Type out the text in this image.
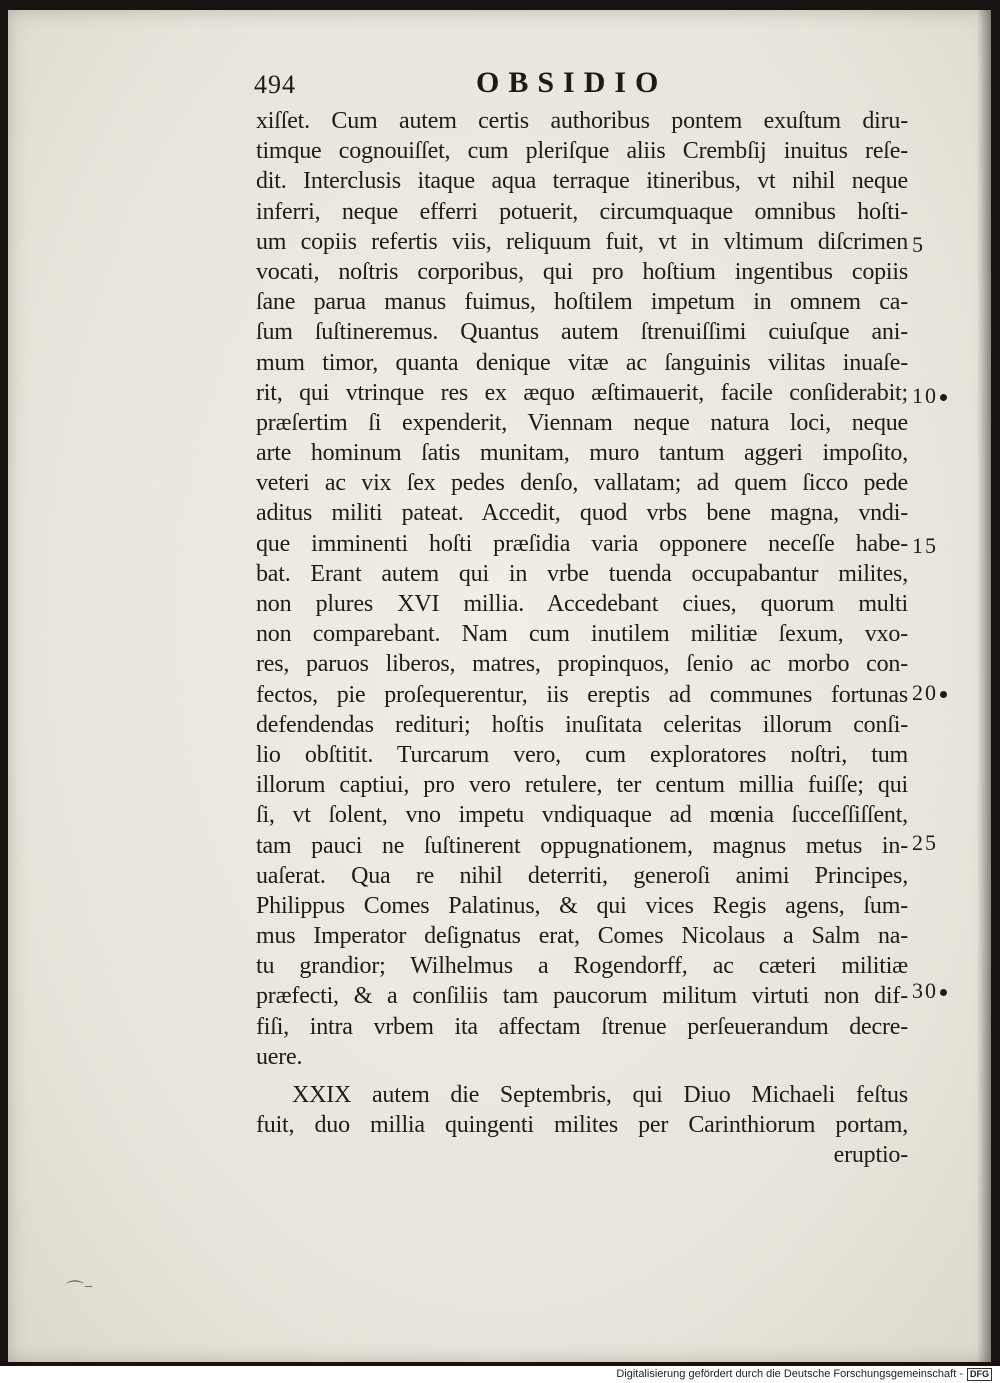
494	OBSIDIO
xiſſet. Cum autem certis authoribus pontem exuſtum diru-
timque cognouiſſet, cum pleriſque aliis Crembſij inuitus reſe-
dit. Interclusis itaque aqua terraque itineribus, vt nihil neque
inferri, neque efferri potuerit, circumquaque omnibus hoſti-
um copiis refertis viis, reliquum fuit, vt in vltimum diſcrimen
vocati, noſtris corporibus, qui pro hoſtium ingentibus copiis
ſane parua manus fuimus, hoſtilem impetum in omnem ca-
ſum ſuſtineremus. Quantus autem ſtrenuiſſimi cuiuſque ani-
mum timor, quanta denique vitæ ac ſanguinis vilitas inuaſe-
rit, qui vtrinque res ex æquo æſtimauerit, facile conſiderabit;
præſertim ſi expenderit, Viennam neque natura loci, neque
arte hominum ſatis munitam, muro tantum aggeri impoſito,
veteri ac vix ſex pedes denſo, vallatam; ad quem ſicco pede
aditus militi pateat. Accedit, quod vrbs bene magna, vndi-
que imminenti hoſti præſidia varia opponere neceſſe habe-
bat. Erant autem qui in vrbe tuenda occupabantur milites,
non plures XVI millia. Accedebant ciues, quorum multi
non comparebant. Nam cum inutilem militiæ ſexum, vxo-
res, paruos liberos, matres, propinquos, ſenio ac morbo con-
fectos, pie proſequerentur, iis ereptis ad communes fortunas
defendendas redituri; hoſtis inuſitata celeritas illorum conſi-
lio obſtitit. Turcarum vero, cum exploratores noſtri, tum
illorum captiui, pro vero retulere, ter centum millia fuiſſe; qui
ſi, vt ſolent, vno impetu vndiquaque ad mœnia ſucceſſiſſent,
tam pauci ne ſuſtinerent oppugnationem, magnus metus in-
uaſerat. Qua re nihil deterriti, generoſi animi Principes,
Philippus Comes Palatinus, & qui vices Regis agens, ſum-
mus Imperator deſignatus erat, Comes Nicolaus a Salm na-
tu grandior; Wilhelmus a Rogendorff, ac cæteri militiæ
præfecti, & a conſiliis tam paucorum militum virtuti non dif-
fiſi, intra vrbem ita affectam ſtrenue perſeuerandum decre-
uere.
XXIX autem die Septembris, qui Diuo Michaeli feſtus
fuit, duo millia quingenti milites per Carinthiorum portam,
eruptio-
5
10
15
20
25
30
⌒⁻
Digitalisierung gefördert durch die Deutsche Forschungsgemeinschaft - DFG
